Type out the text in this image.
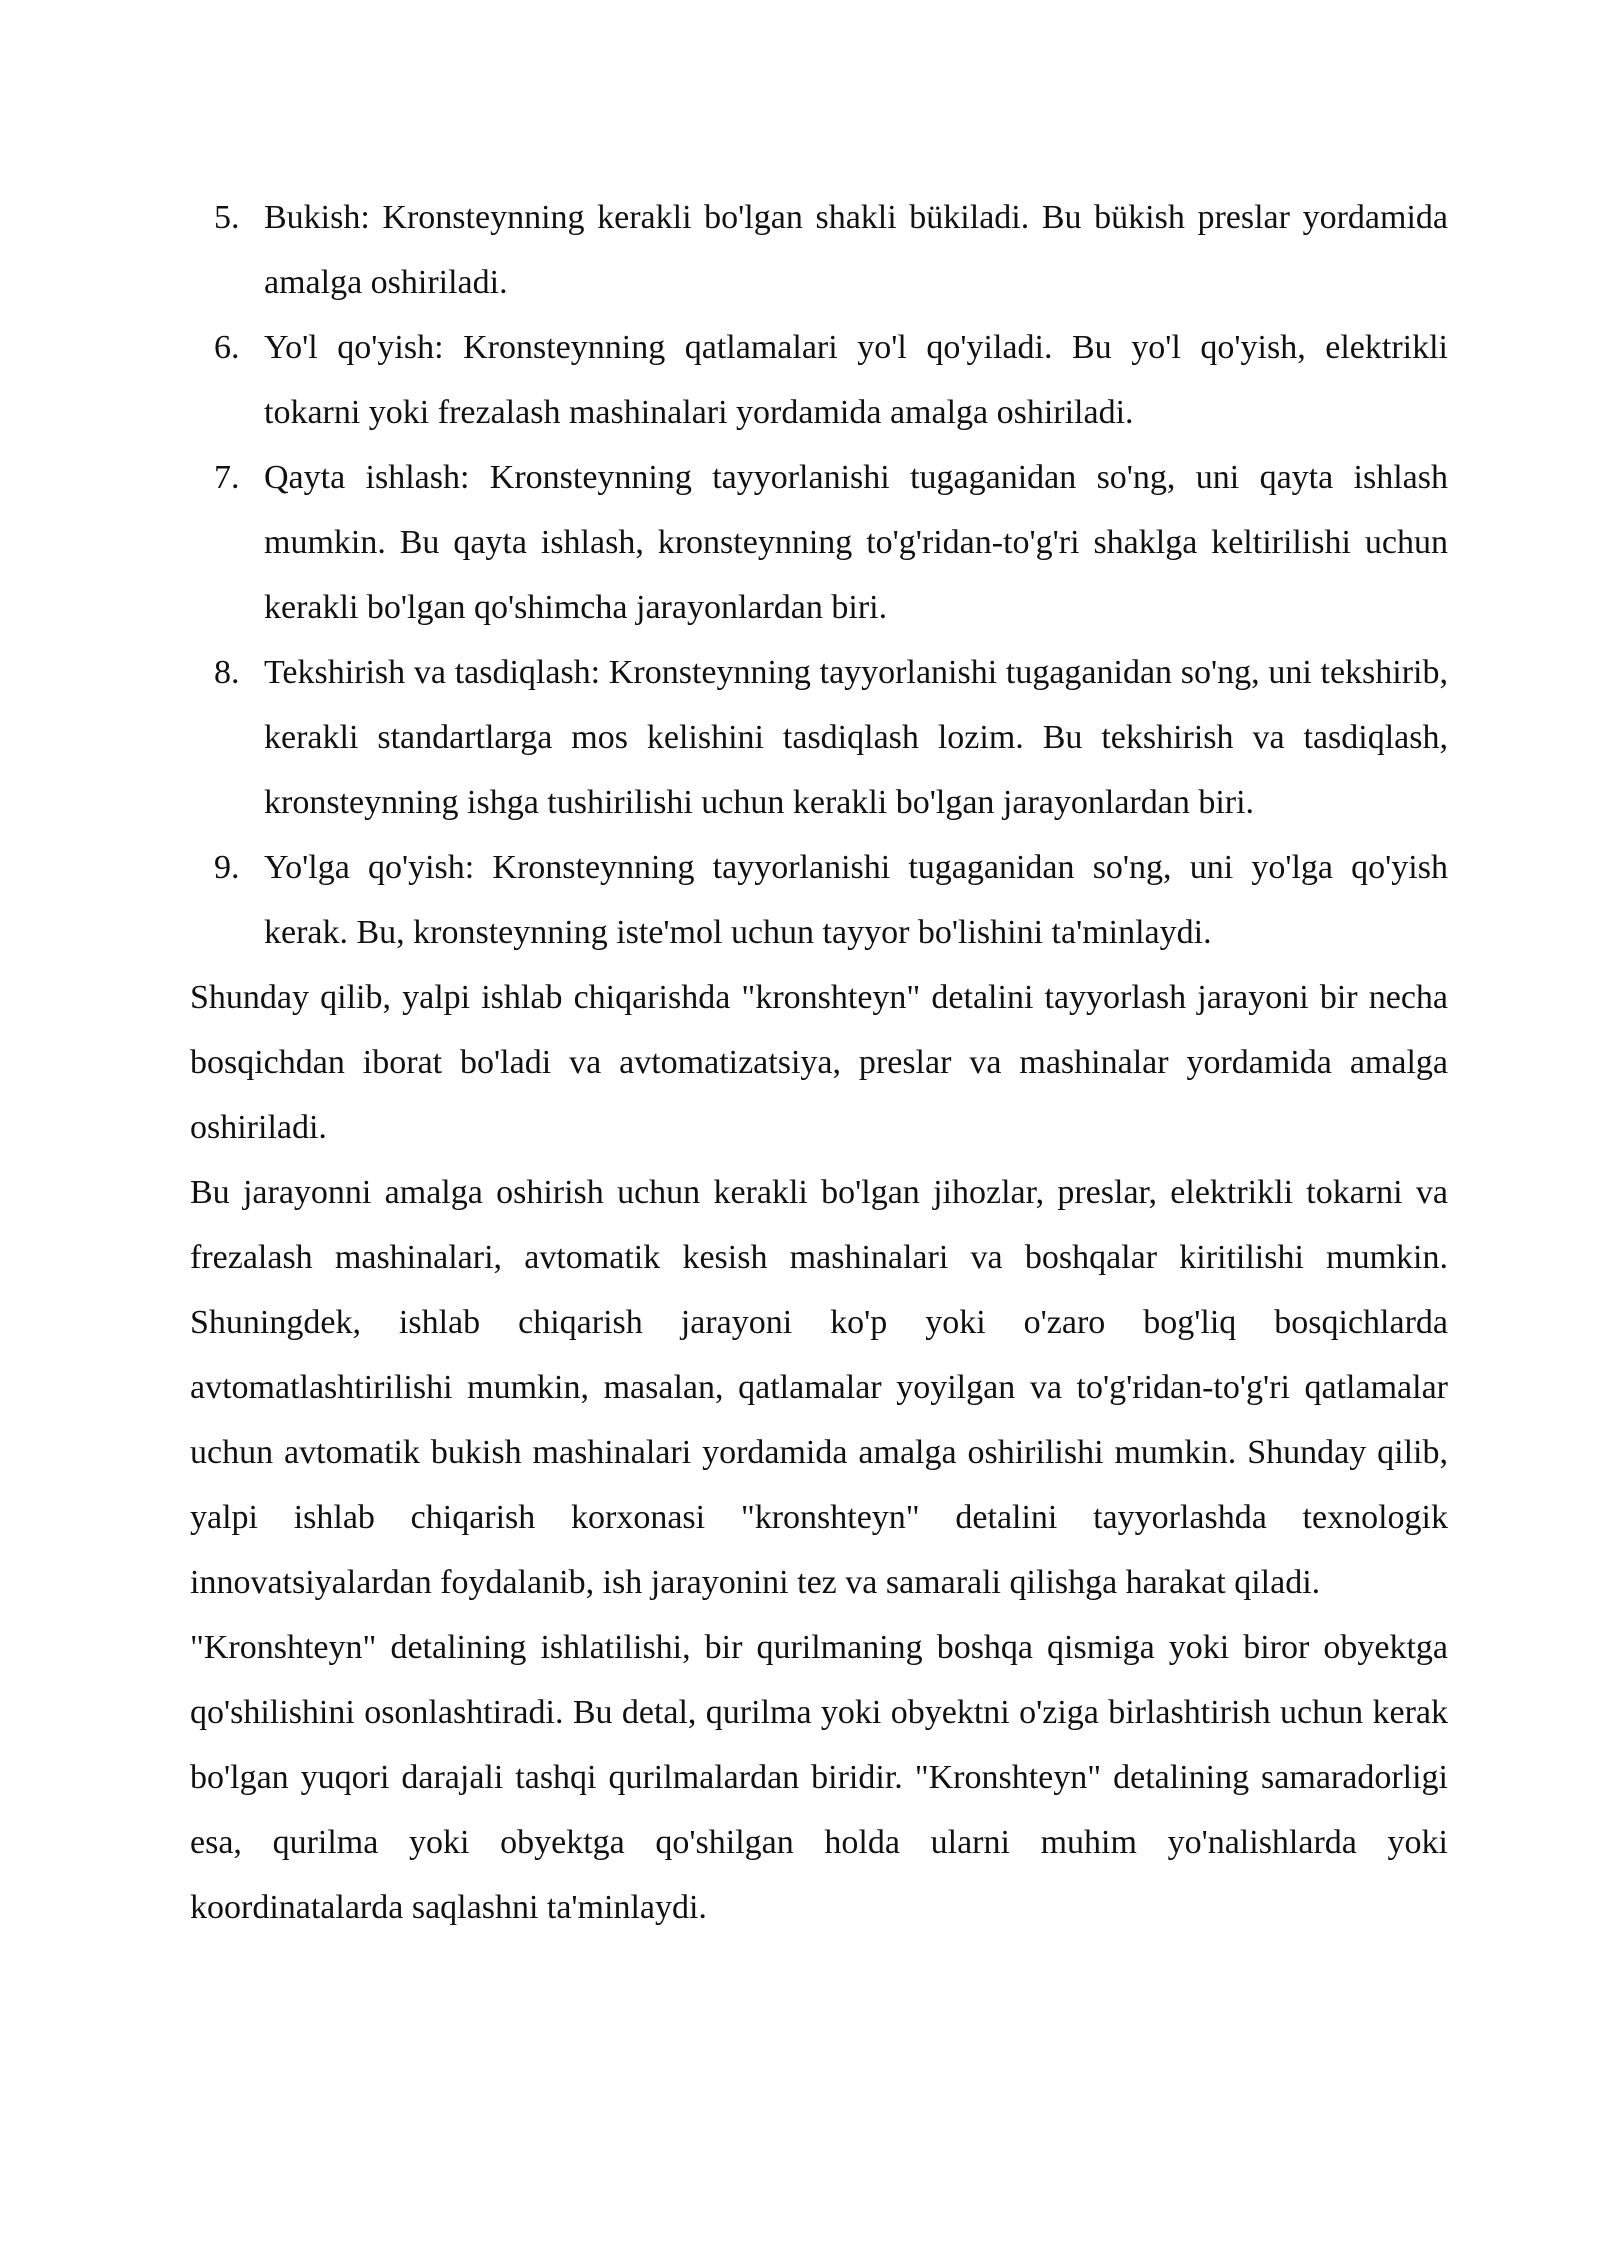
5. Bukish: Kronsteynning kerakli bo'lgan shakli bükiladi. Bu bükish preslar yordamida amalga oshiriladi.
6. Yo'l qo'yish: Kronsteynning qatlamalari yo'l qo'yiladi. Bu yo'l qo'yish, elektrikli tokarni yoki frezalash mashinalari yordamida amalga oshiriladi.
7. Qayta ishlash: Kronsteynning tayyorlanishi tugaganidan so'ng, uni qayta ishlash mumkin. Bu qayta ishlash, kronsteynning to'g'ridan-to'g'ri shaklga keltirilishi uchun kerakli bo'lgan qo'shimcha jarayonlardan biri.
8. Tekshirish va tasdiqlash: Kronsteynning tayyorlanishi tugaganidan so'ng, uni tekshirib, kerakli standartlarga mos kelishini tasdiqlash lozim. Bu tekshirish va tasdiqlash, kronsteynning ishga tushirilishi uchun kerakli bo'lgan jarayonlardan biri.
9. Yo'lga qo'yish: Kronsteynning tayyorlanishi tugaganidan so'ng, uni yo'lga qo'yish kerak. Bu, kronsteynning iste'mol uchun tayyor bo'lishini ta'minlaydi.

Shunday qilib, yalpi ishlab chiqarishda "kronshteyn" detalini tayyorlash jarayoni bir necha bosqichdan iborat bo'ladi va avtomatizatsiya, preslar va mashinalar yordamida amalga oshiriladi.

Bu jarayonni amalga oshirish uchun kerakli bo'lgan jihozlar, preslar, elektrikli tokarni va frezalash mashinalari, avtomatik kesish mashinalari va boshqalar kiritilishi mumkin. Shuningdek, ishlab chiqarish jarayoni ko'p yoki o'zaro bog'liq bosqichlarda avtomatlashtirilishi mumkin, masalan, qatlamalar yoyilgan va to'g'ridan-to'g'ri qatlamalar uchun avtomatik bukish mashinalari yordamida amalga oshirilishi mumkin. Shunday qilib, yalpi ishlab chiqarish korxonasi "kronshteyn" detalini tayyorlashda texnologik innovatsiyalardan foydalanib, ish jarayonini tez va samarali qilishga harakat qiladi.

"Kronshteyn" detalining ishlatilishi, bir qurilmaning boshqa qismiga yoki biror obyektga qo'shilishini osonlashtiradi. Bu detal, qurilma yoki obyektni o'ziga birlashtirish uchun kerak bo'lgan yuqori darajali tashqi qurilmalardan biridir. "Kronshteyn" detalining samaradorligi esa, qurilma yoki obyektga qo'shilgan holda ularni muhim yo'nalishlarda yoki koordinatalarda saqlashni ta'minlaydi.
